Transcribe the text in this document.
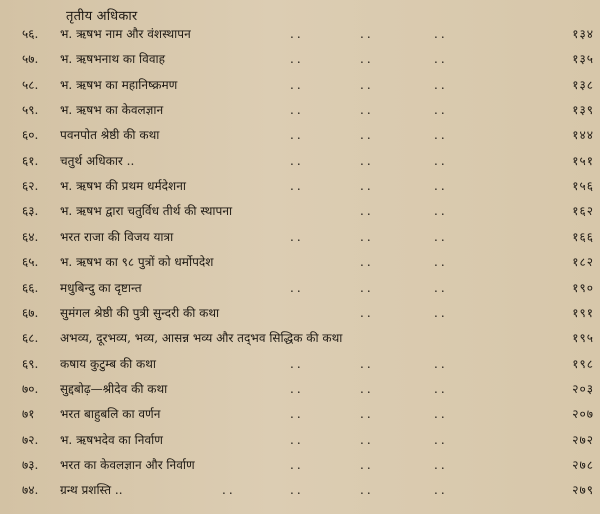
तृतीय अधिकार
५६.	भ. ऋषभ नाम और वंशस्थापन	..	..	..	१३४
५७.	भ. ऋषभनाथ का विवाह	..	..	..	१३५
५८.	भ. ऋषभ का महानिष्क्रमण	..	..	..	१३८
५९.	भ. ऋषभ का केवलज्ञान	..	..	..	१३९
६०.	पवनपोत श्रेष्ठी की कथा	..	..	..	१४४
६१.	चतुर्थ अधिकार ..	..	..	..	१५१
६२.	भ. ऋषभ की प्रथम धर्मदेशना	..	..	..	१५६
६३.	भ. ऋषभ द्वारा चतुर्विध तीर्थ की स्थापना	..	..	१६२
६४.	भरत राजा की विजय यात्रा	..	..	..	१६६
६५.	भ. ऋषभ का ९८ पुत्रों को धर्मोपदेश	..	..	१८२
६६.	मधुबिन्दु का दृष्टान्त	..	..	..	१९०
६७.	सुमंगल श्रेष्ठी की पुत्री सुन्दरी की कथा	..	..	१९१
६८.	अभव्य, दूरभव्य, भव्य, आसन्न भव्य और तद्‌भव सिद्धिक की कथा	१९५
६९.	कषाय कुटुम्ब की कथा	..	..	..	१९८
७०.	सुद्दबोढ़—श्रीदेव की कथा	..	..	..	२०३
७१	भरत बाहुबलि का वर्णन	..	..	..	२०७
७२.	भ. ऋषभदेव का निर्वाण	..	..	..	२७२
७३.	भरत का केवलज्ञान और निर्वाण	..	..	..	२७८
७४.	ग्रन्थ प्रशस्ति ..	..	..	..	..	२७९
